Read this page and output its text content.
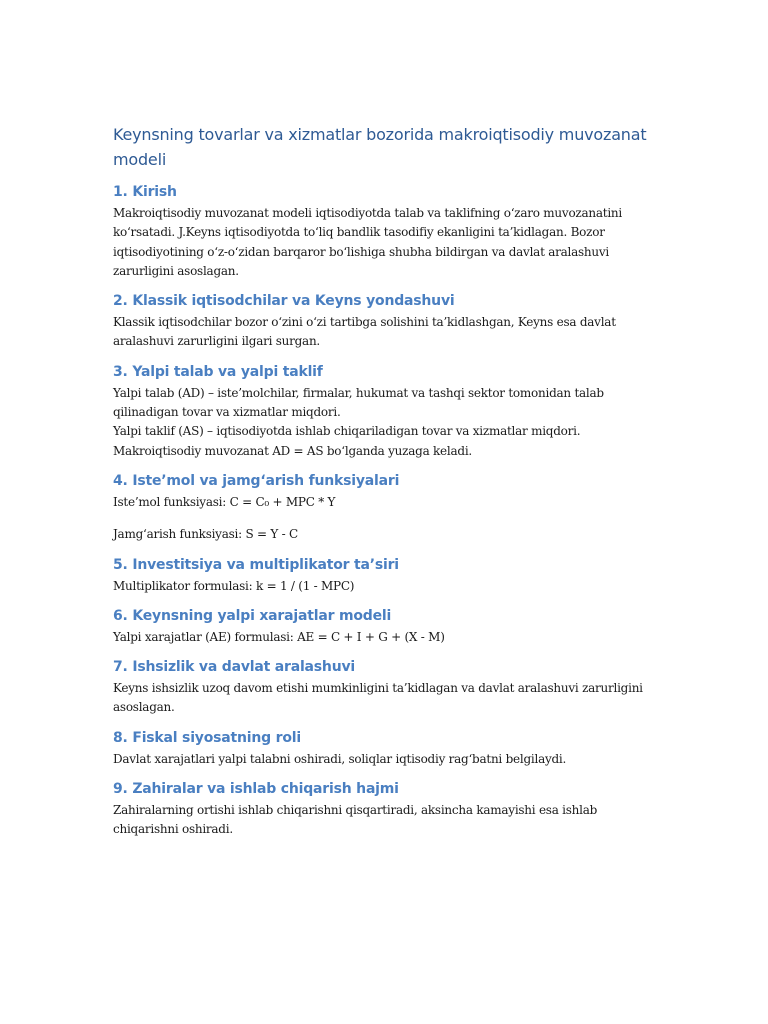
Keynsning tovarlar va xizmatlar bozorida makroiqtisodiy muvozanat
modeli
1. Kirish

Makroiqtisodiy muvozanat modeli iqtisodiyotda talab va taklifning o‘zaro muvozanatini
ko‘rsatadi. J.Keyns iqtisodiyotda to‘liq bandlik tasodifiy ekanligini ta’kidlagan. Bozor
iqtisodiyotining o‘z-o‘zidan barqaror bo‘lishiga shubha bildirgan va davlat aralashuvi
zarurligini asoslagan.

2. Klassik iqtisodchilar va Keyns yondashuvi

Klassik iqtisodchilar bozor o‘zini o‘zi tartibga solishini ta’kidlashgan, Keyns esa davlat
aralashuvi zarurligini ilgari surgan.

3. Yalpi talab va yalpi taklif

Yalpi talab (AD) – iste’molchilar, firmalar, hukumat va tashqi sektor tomonidan talab
qilinadigan tovar va xizmatlar miqdori.
Yalpi taklif (AS) – iqtisodiyotda ishlab chiqariladigan tovar va xizmatlar miqdori.
Makroiqtisodiy muvozanat AD = AS bo‘lganda yuzaga keladi.

4. Iste’mol va jamg‘arish funksiyalari

Iste’mol funksiyasi: C = C₀ + MPC * Y

Jamg‘arish funksiyasi: S = Y - C

5. Investitsiya va multiplikator ta’siri

Multiplikator formulasi: k = 1 / (1 - MPC)

6. Keynsning yalpi xarajatlar modeli

Yalpi xarajatlar (AE) formulasi: AE = C + I + G + (X - M)

7. Ishsizlik va davlat aralashuvi

Keyns ishsizlik uzoq davom etishi mumkinligini ta’kidlagan va davlat aralashuvi zarurligini
asoslagan.

8. Fiskal siyosatning roli

Davlat xarajatlari yalpi talabni oshiradi, soliqlar iqtisodiy rag‘batni belgilaydi.

9. Zahiralar va ishlab chiqarish hajmi

Zahiralarning ortishi ishlab chiqarishni qisqartiradi, aksincha kamayishi esa ishlab
chiqarishni oshiradi.
